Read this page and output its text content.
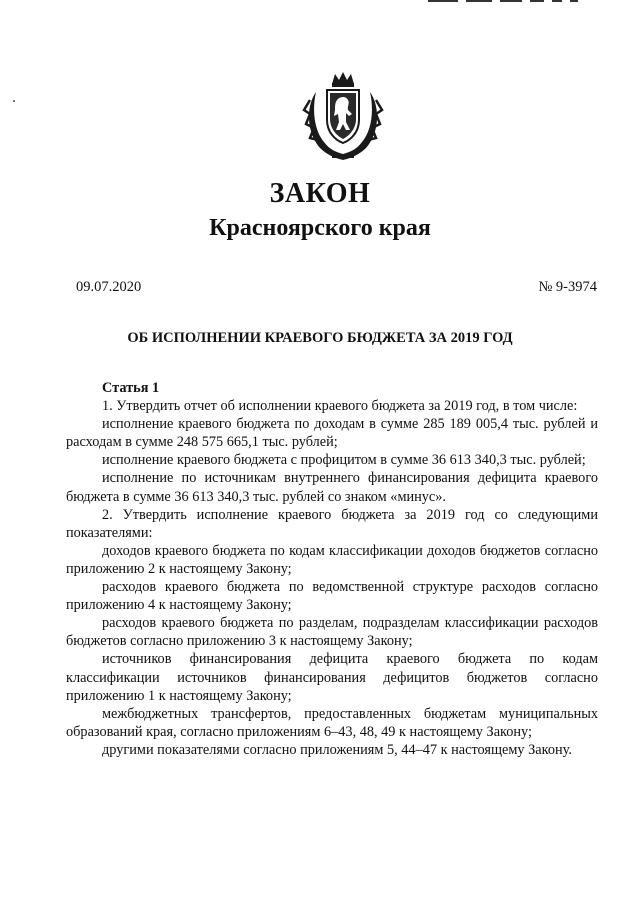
ЗАКОН
Красноярского края
09.07.2020	№ 9-3974
ОБ ИСПОЛНЕНИИ КРАЕВОГО БЮДЖЕТА ЗА 2019 ГОД

Статья 1

1. Утвердить отчет об исполнении краевого бюджета за 2019 год, в том числе:

исполнение краевого бюджета по доходам в сумме 285 189 005,4 тыс. рублей и расходам в сумме 248 575 665,1 тыс. рублей;

исполнение краевого бюджета с профицитом в сумме 36 613 340,3 тыс. рублей;

исполнение по источникам внутреннего финансирования дефицита краевого бюджета в сумме 36 613 340,3 тыс. рублей со знаком «минус».

2. Утвердить исполнение краевого бюджета за 2019 год со следующими показателями:

доходов краевого бюджета по кодам классификации доходов бюджетов согласно приложению 2 к настоящему Закону;

расходов краевого бюджета по ведомственной структуре расходов согласно приложению 4 к настоящему Закону;

расходов краевого бюджета по разделам, подразделам классификации расходов бюджетов согласно приложению 3 к настоящему Закону;

источников финансирования дефицита краевого бюджета по кодам классификации источников финансирования дефицитов бюджетов согласно приложению 1 к настоящему Закону;

межбюджетных трансфертов, предоставленных бюджетам муниципальных образований края, согласно приложениям 6–43, 48, 49 к настоящему Закону;

другими показателями согласно приложениям 5, 44–47 к настоящему Закону.
